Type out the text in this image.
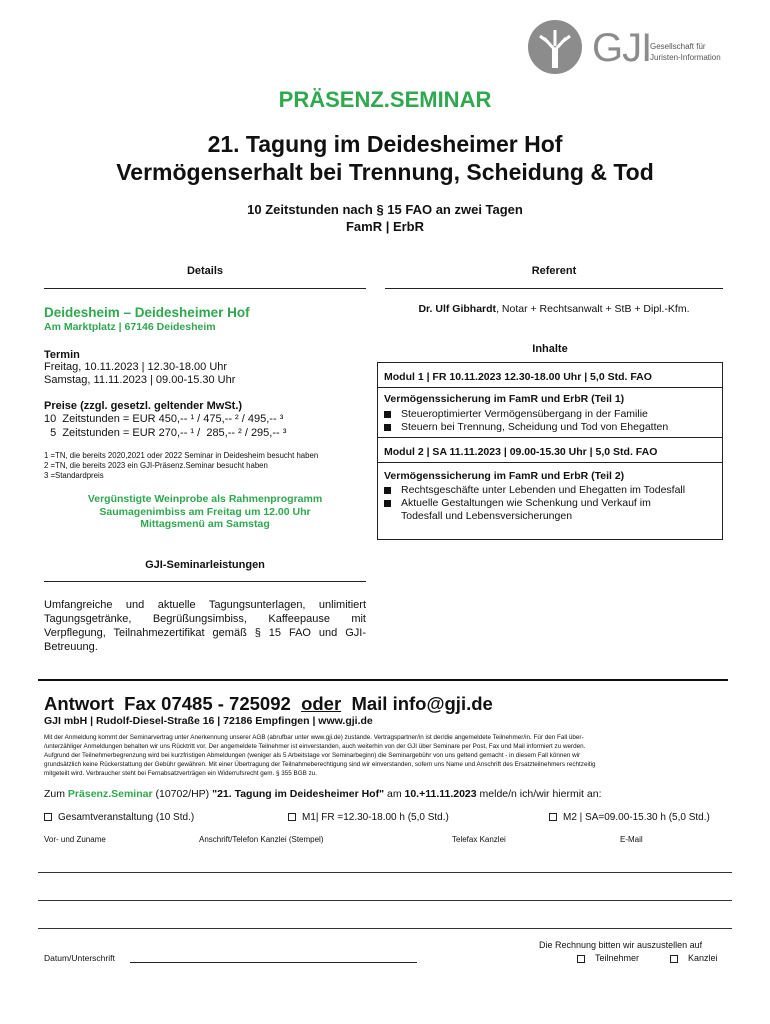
GJI
Gesellschaft für
Juristen-Information
PRÄSENZ.SEMINAR
21. Tagung im Deidesheimer Hof
Vermögenserhalt bei Trennung, Scheidung & Tod
10 Zeitstunden nach § 15 FAO an zwei Tagen
FamR | ErbR
Details
Deidesheim – Deidesheimer Hof
Am Marktplatz | 67146 Deidesheim
Termin
Freitag, 10.11.2023 | 12.30-18.00 Uhr
Samstag, 11.11.2023 | 09.00-15.30 Uhr
Preise (zzgl. gesetzl. geltender MwSt.)
10  Zeitstunden = EUR 450,-- ¹ / 475,-- ² / 495,-- ³
5  Zeitstunden = EUR 270,-- ¹ /  285,-- ² / 295,-- ³
1 =TN, die bereits 2020,2021 oder 2022 Seminar in Deidesheim besucht haben
2 =TN, die bereits 2023 ein GJI-Präsenz.Seminar besucht haben
3 =Standardpreis
Vergünstigte Weinprobe als Rahmenprogramm
Saumagenimbiss am Freitag um 12.00 Uhr
Mittagsmenü am Samstag
GJI-Seminarleistungen
Umfangreiche und aktuelle Tagungsunterlagen, unlimitiert Tagungsgetränke, Begrüßungsimbiss, Kaffeepause mit Verpflegung, Teilnahmezertifikat gemäß § 15 FAO und GJI-Betreuung.
Referent
Dr. Ulf Gibhardt, Notar + Rechtsanwalt + StB + Dipl.-Kfm.
Inhalte
Modul 1 | FR 10.11.2023 12.30-18.00 Uhr | 5,0 Std. FAO
Vermögenssicherung im FamR und ErbR (Teil 1)
Steueroptimierter Vermögensübergang in der Familie
Steuern bei Trennung, Scheidung und Tod von Ehegatten
Modul 2 | SA 11.11.2023 | 09.00-15.30 Uhr | 5,0 Std. FAO
Vermögenssicherung im FamR und ErbR (Teil 2)
Rechtsgeschäfte unter Lebenden und Ehegatten im Todesfall
Aktuelle Gestaltungen wie Schenkung und Verkauf im
Todesfall und Lebensversicherungen
Antwort  Fax 07485 - 725092  oder  Mail info@gji.de
GJI mbH | Rudolf-Diesel-Straße 16 | 72186 Empfingen | www.gji.de
Mit der Anmeldung kommt der Seminarvertrag unter Anerkennung unserer AGB (abrufbar unter www.gji.de) zustande. Vertragspartner/in ist der/die angemeldete Teilnehmer/in. Für den Fall über-
/unterzähliger Anmeldungen behalten wir uns Rücktritt vor. Der angemeldete Teilnehmer ist einverstanden, auch weiterhin von der GJI über Seminare per Post, Fax und Mail informiert zu werden.
Aufgrund der Teilnehmerbegrenzung wird bei kurzfristigen Abmeldungen (weniger als 5 Arbeitstage vor Seminarbeginn) die Seminargebühr von uns geltend gemacht - in diesem Fall können wir
grundsätzlich keine Rückerstattung der Gebühr gewähren. Mit einer Übertragung der Teilnahmeberechtigung sind wir einverstanden, sofern uns Name und Anschrift des Ersatzteilnehmers rechtzeitig
mitgeteilt wird. Verbraucher steht bei Fernabsatzverträgen ein Widerrufsrecht gem. § 355 BGB zu.
Zum Präsenz.Seminar (10702/HP) "21. Tagung im Deidesheimer Hof" am 10.+11.11.2023 melde/n ich/wir hiermit an:
Gesamtveranstaltung (10 Std.)	M1| FR =12.30-18.00 h (5,0 Std.)	M2 | SA=09.00-15.30 h (5,0 Std.)
Vor- und Zuname	Anschrift/Telefon Kanzlei (Stempel)	Telefax Kanzlei	E-Mail
Datum/Unterschrift
Die Rechnung bitten wir auszustellen auf
Teilnehmer	Kanzlei
